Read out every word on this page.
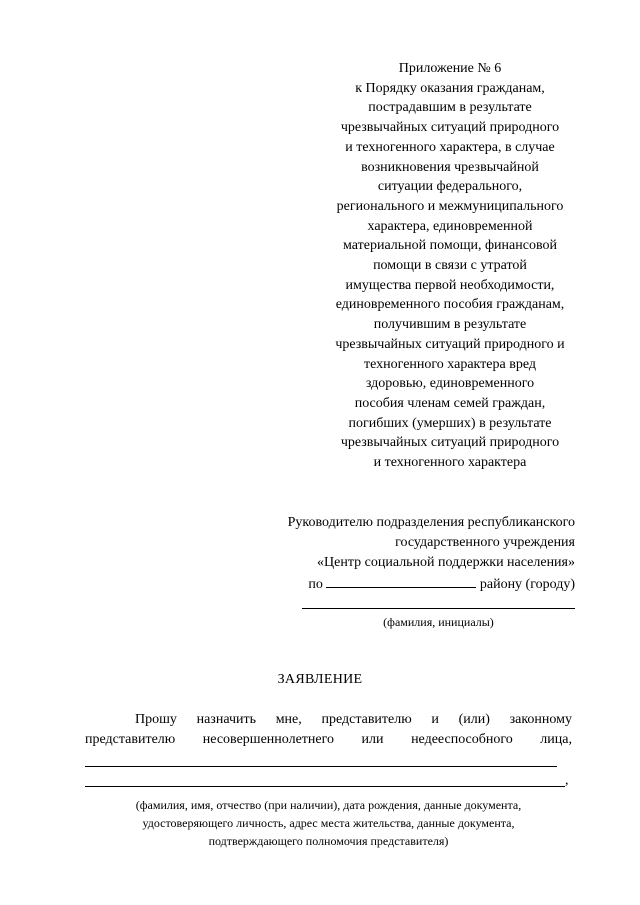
Приложение № 6
к Порядку оказания гражданам,
пострадавшим в результате
чрезвычайных ситуаций природного
и техногенного характера, в случае
возникновения чрезвычайной
ситуации федерального,
регионального и межмуниципального
характера, единовременной
материальной помощи, финансовой
помощи в связи с утратой
имущества первой необходимости,
единовременного пособия гражданам,
получившим в результате
чрезвычайных ситуаций природного и
техногенного характера вред
здоровью, единовременного
пособия членам семей граждан,
погибших (умерших) в результате
чрезвычайных ситуаций природного
и техногенного характера
Руководителю подразделения республиканского
государственного учреждения
«Центр социальной поддержки населения»
по	району (городу)
(фамилия, инициалы)
ЗАЯВЛЕНИЕ
Прошу назначить мне, представителю и (или) законному
представителю несовершеннолетнего или недееспособного лица,
,
(фамилия, имя, отчество (при наличии), дата рождения, данные документа,
удостоверяющего личность, адрес места жительства, данные документа,
подтверждающего полномочия представителя)
